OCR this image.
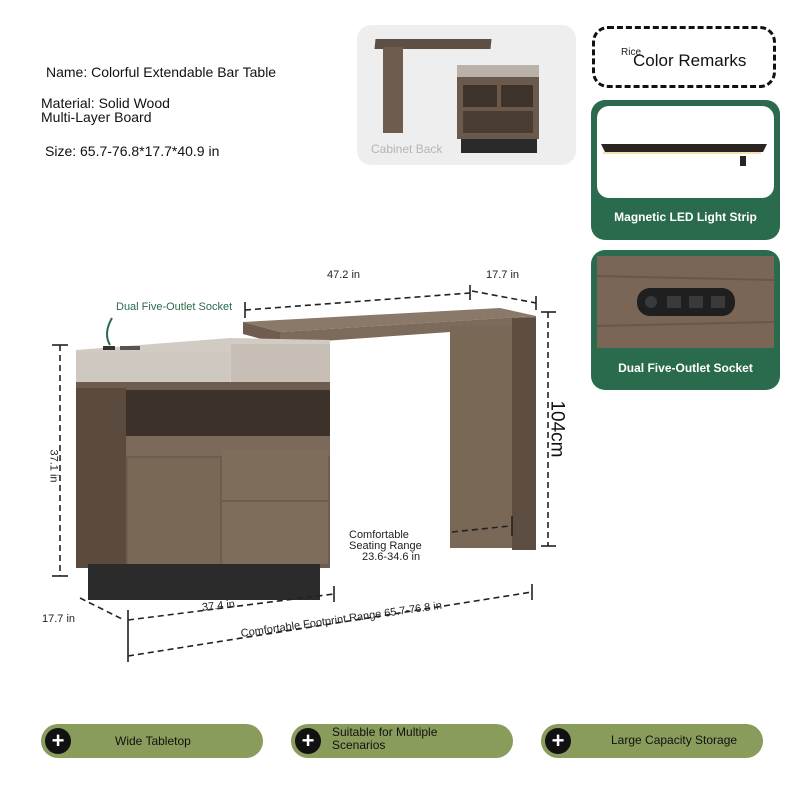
Name: Colorful Extendable Bar Table
Material: Solid Wood
Multi-Layer Board
Size: 65.7-76.8*17.7*40.9 in	Cabinet Back
Rice
Color Remarks
Magnetic LED Light Strip
Dual Five-Outlet Socket
47.2 in	17.7 in
Dual Five-Outlet Socket
104cm
37.1 in
17.7 in
37.4 in
Comfortable
Seating Range
23.6-34.6 in
Comfortable Footprint Range 65.7-76.8 in
+	Wide Tabletop	+	Suitable for Multiple Scenarios	+	Large Capacity Storage
